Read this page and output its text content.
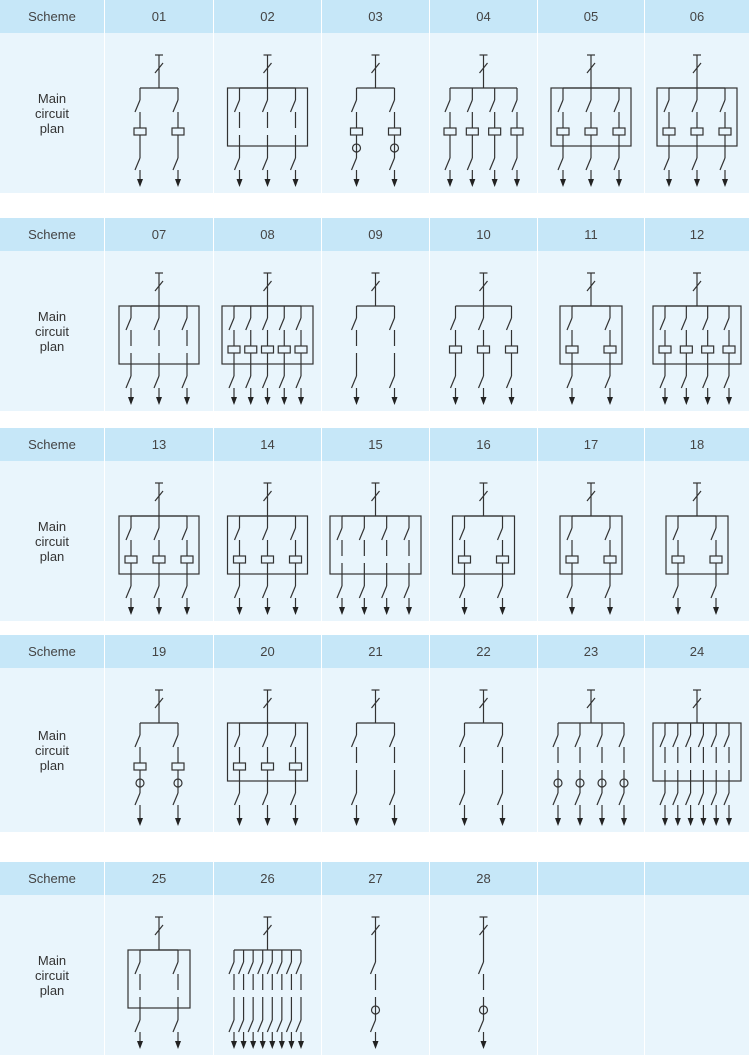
Scheme	01	02	03	04	05	06
Main
circuit
plan
Scheme	07	08	09	10	11	12
Main
circuit
plan
Scheme	13	14	15	16	17	18
Main
circuit
plan
Scheme	19	20	21	22	23	24
Main
circuit
plan
Scheme	25	26	27	28
Main
circuit
plan
